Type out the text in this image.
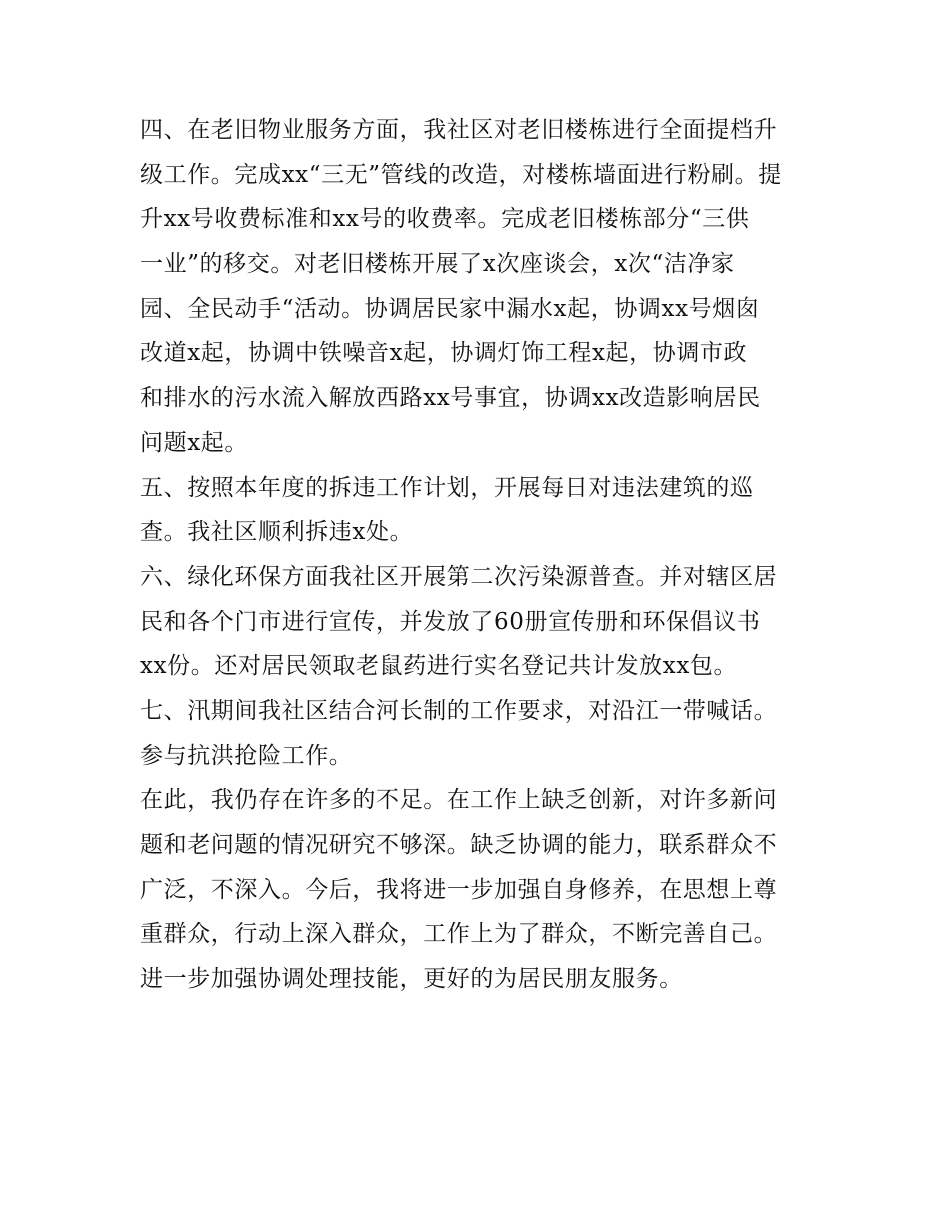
四、在老旧物业服务方面，我社区对老旧楼栋进行全面提档升
级工作。完成xx“三无”管线的改造，对楼栋墙面进行粉刷。提
升xx号收费标准和xx号的收费率。完成老旧楼栋部分“三供
一业”的移交。对老旧楼栋开展了x次座谈会，x次“洁净家
园、全民动手“活动。协调居民家中漏水x起，协调xx号烟囱
改道x起，协调中铁噪音x起，协调灯饰工程x起，协调市政
和排水的污水流入解放西路xx号事宜，协调xx改造影响居民
问题x起。
五、按照本年度的拆违工作计划，开展每日对违法建筑的巡
查。我社区顺利拆违x处。
六、绿化环保方面我社区开展第二次污染源普查。并对辖区居
民和各个门市进行宣传，并发放了60册宣传册和环保倡议书
xx份。还对居民领取老鼠药进行实名登记共计发放xx包。
七、汛期间我社区结合河长制的工作要求，对沿江一带喊话。
参与抗洪抢险工作。
在此，我仍存在许多的不足。在工作上缺乏创新，对许多新问
题和老问题的情况研究不够深。缺乏协调的能力，联系群众不
广泛，不深入。今后，我将进一步加强自身修养，在思想上尊
重群众，行动上深入群众，工作上为了群众，不断完善自己。
进一步加强协调处理技能，更好的为居民朋友服务。
